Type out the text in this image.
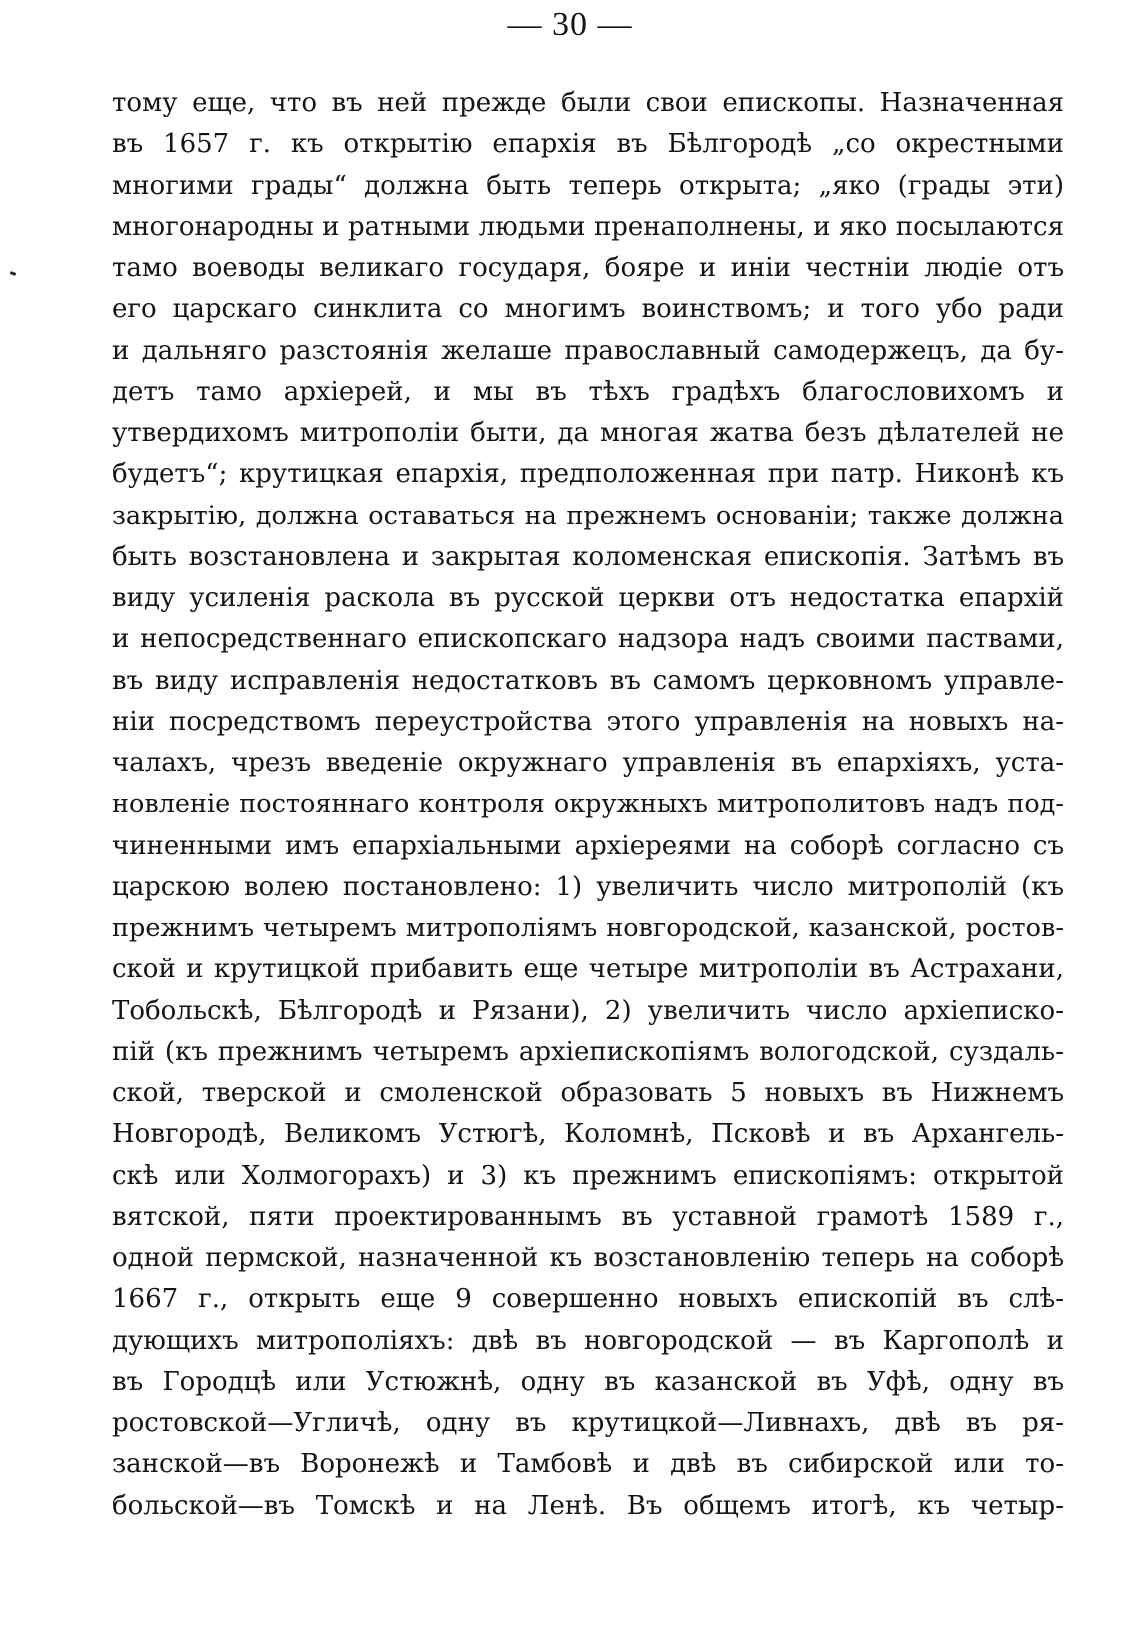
— 30 —
тому еще, что въ ней прежде были свои епископы. Назначенная
въ 1657 г. къ открытію епархія въ Бѣлгородѣ „со окрестными
многими грады“ должна быть теперь открыта; „яко (грады эти)
многонародны и ратными людьми пренаполнены, и яко посылаются
тамо воеводы великаго государя, бояре и иніи честніи людіе отъ
его царскаго синклита со многимъ воинствомъ; и того убо ради
и дальняго разстоянія желаше православный самодержецъ, да бу-
детъ тамо архіерей, и мы въ тѣхъ градѣхъ благословихомъ и
утвердихомъ митрополіи быти, да многая жатва безъ дѣлателей не
будетъ“; крутицкая епархія, предположенная при патр. Никонѣ къ
закрытію, должна оставаться на прежнемъ основаніи; также должна
быть возстановлена и закрытая коломенская епископія. Затѣмъ въ
виду усиленія раскола въ русской церкви отъ недостатка епархій
и непосредственнаго епископскаго надзора надъ своими паствами,
въ виду исправленія недостатковъ въ самомъ церковномъ управле-
ніи посредствомъ переустройства этого управленія на новыхъ на-
чалахъ, чрезъ введеніе окружнаго управленія въ епархіяхъ, уста-
новленіе постояннаго контроля окружныхъ митрополитовъ надъ под-
чиненными имъ епархіальными архіереями на соборѣ согласно съ
царскою волею постановлено: 1) увеличить число митрополій (къ
прежнимъ четыремъ митрополіямъ новгородской, казанской, ростов-
ской и крутицкой прибавить еще четыре митрополіи въ Астрахани,
Тобольскѣ, Бѣлгородѣ и Рязани), 2) увеличить число архіеписко-
пій (къ прежнимъ четыремъ архіепископіямъ вологодской, суздаль-
ской, тверской и смоленской образовать 5 новыхъ въ Нижнемъ
Новгородѣ, Великомъ Устюгѣ, Коломнѣ, Псковѣ и въ Архангель-
скѣ или Холмогорахъ) и 3) къ прежнимъ епископіямъ: открытой
вятской, пяти проектированнымъ въ уставной грамотѣ 1589 г.,
одной пермской, назначенной къ возстановленію теперь на соборѣ
1667 г., открыть еще 9 совершенно новыхъ епископій въ слѣ-
дующихъ митрополіяхъ: двѣ въ новгородской — въ Каргополѣ и
въ Городцѣ или Устюжнѣ, одну въ казанской въ Уфѣ, одну въ
ростовской—Угличѣ, одну въ крутицкой—Ливнахъ, двѣ въ ря-
занской—въ Воронежѣ и Тамбовѣ и двѣ въ сибирской или то-
больской—въ Томскѣ и на Ленѣ. Въ общемъ итогѣ, къ четыр-
